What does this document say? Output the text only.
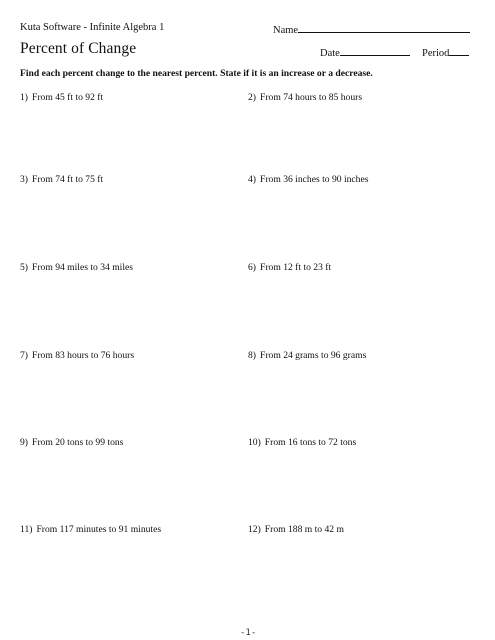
Kuta Software - Infinite Algebra 1	Name
Percent of Change	Date	Period
Find each percent change to the nearest percent. State if it is an increase or a decrease.
1) From 45 ft to 92 ft	2) From 74 hours to 85 hours
3) From 74 ft to 75 ft	4) From 36 inches to 90 inches
5) From 94 miles to 34 miles	6) From 12 ft to 23 ft
7) From 83 hours to 76 hours	8) From 24 grams to 96 grams
9) From 20 tons to 99 tons	10) From 16 tons to 72 tons
11) From 117 minutes to 91 minutes	12) From 188 m to 42 m
-1-
